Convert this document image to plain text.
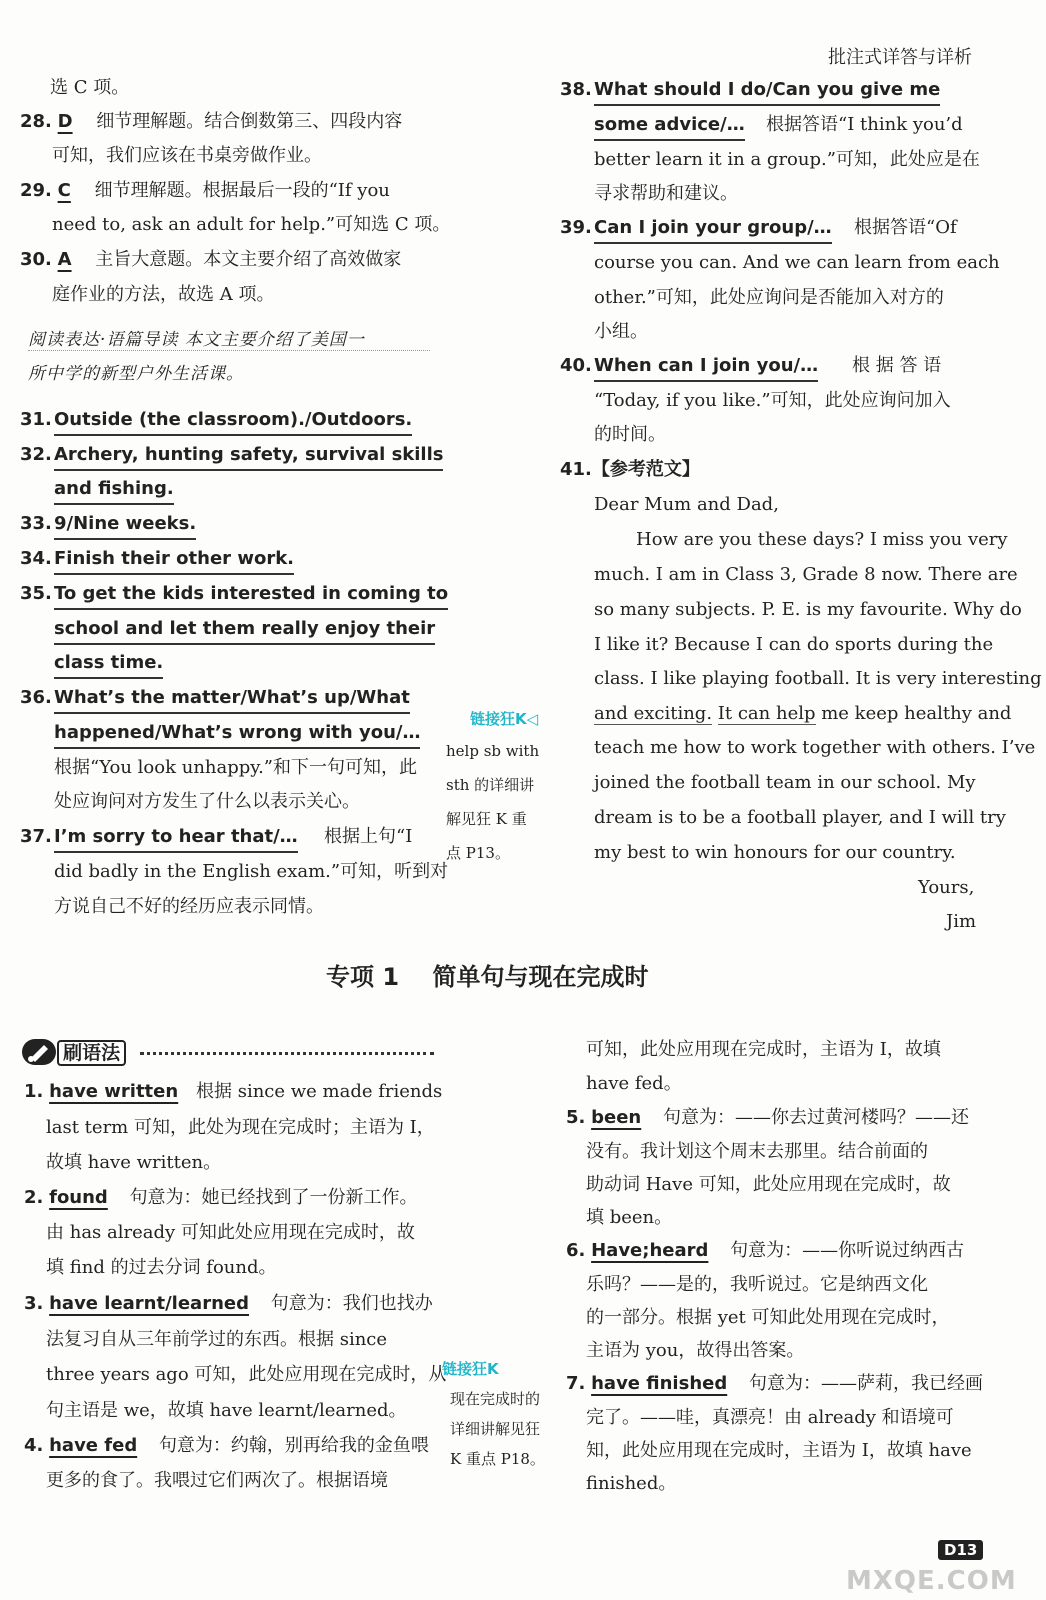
批注式详答与详析
选 C 项。
28. D 细节理解题。结合倒数第三、四段内容
可知，我们应该在书桌旁做作业。
29. C 细节理解题。根据最后一段的“If you
need to, ask an adult for help.”可知选 C 项。
30. A 主旨大意题。本文主要介绍了高效做家
庭作业的方法，故选 A 项。
阅读表达·语篇导读 本文主要介绍了美国一
所中学的新型户外生活课。
31. Outside (the classroom)./Outdoors.
32. Archery, hunting safety, survival skills
and fishing.
33. 9/Nine weeks.
34. Finish their other work.
35. To get the kids interested in coming to
school and let them really enjoy their
class time.
36. What’s the matter/What’s up/What
happened/What’s wrong with you/…
根据“You look unhappy.”和下一句可知，此
处应询问对方发生了什么以表示关心。
37. I’m sorry to hear that/… 根据上句“I
did badly in the English exam.”可知，听到对
方说自己不好的经历应表示同情。
链接狂K◁
help sb with
sth 的详细讲
解见狂 K 重
点 P13。
38. What should I do/Can you give me
some advice/… 根据答语“I think you’d
better learn it in a group.”可知，此处应是在
寻求帮助和建议。
39. Can I join your group/… 根据答语“Of
course you can. And we can learn from each
other.”可知，此处应询问是否能加入对方的
小组。
40. When can I join you/… 根 据 答 语
“Today, if you like.”可知，此处应询问加入
的时间。
41.【参考范文】
Dear Mum and Dad,
How are you these days? I miss you very
much. I am in Class 3, Grade 8 now. There are
so many subjects. P. E. is my favourite. Why do
I like it? Because I can do sports during the
class. I like playing football. It is very interesting
and exciting. It can help me keep healthy and
teach me how to work together with others. I’ve
joined the football team in our school. My
dream is to be a football player, and I will try
my best to win honours for our country.
Yours,
Jim
专项 1    简单句与现在完成时
刷语法
1. have written 根据 since we made friends
last term 可知，此处为现在完成时；主语为 I，
故填 have written。
2. found 句意为：她已经找到了一份新工作。
由 has already 可知此处应用现在完成时，故
填 find 的过去分词 found。
3. have learnt/learned 句意为：我们也找办
法复习自从三年前学过的东西。根据 since
three years ago 可知，此处应用现在完成时，从
句主语是 we，故填 have learnt/learned。
4. have fed 句意为：约翰，别再给我的金鱼喂
更多的食了。我喂过它们两次了。根据语境
链接狂K
现在完成时的
详细讲解见狂
K 重点 P18。
可知，此处应用现在完成时，主语为 I，故填
have fed。
5. been 句意为：——你去过黄河楼吗？——还
没有。我计划这个周末去那里。结合前面的
助动词 Have 可知，此处应用现在完成时，故
填 been。
6. Have;heard 句意为：——你听说过纳西古
乐吗？——是的，我听说过。它是纳西文化
的一部分。根据 yet 可知此处用现在完成时，
主语为 you，故得出答案。
7. have finished 句意为：——萨莉，我已经画
完了。——哇，真漂亮！由 already 和语境可
知，此处应用现在完成时，主语为 I，故填 have
finished。
D13
MXQE.COM
